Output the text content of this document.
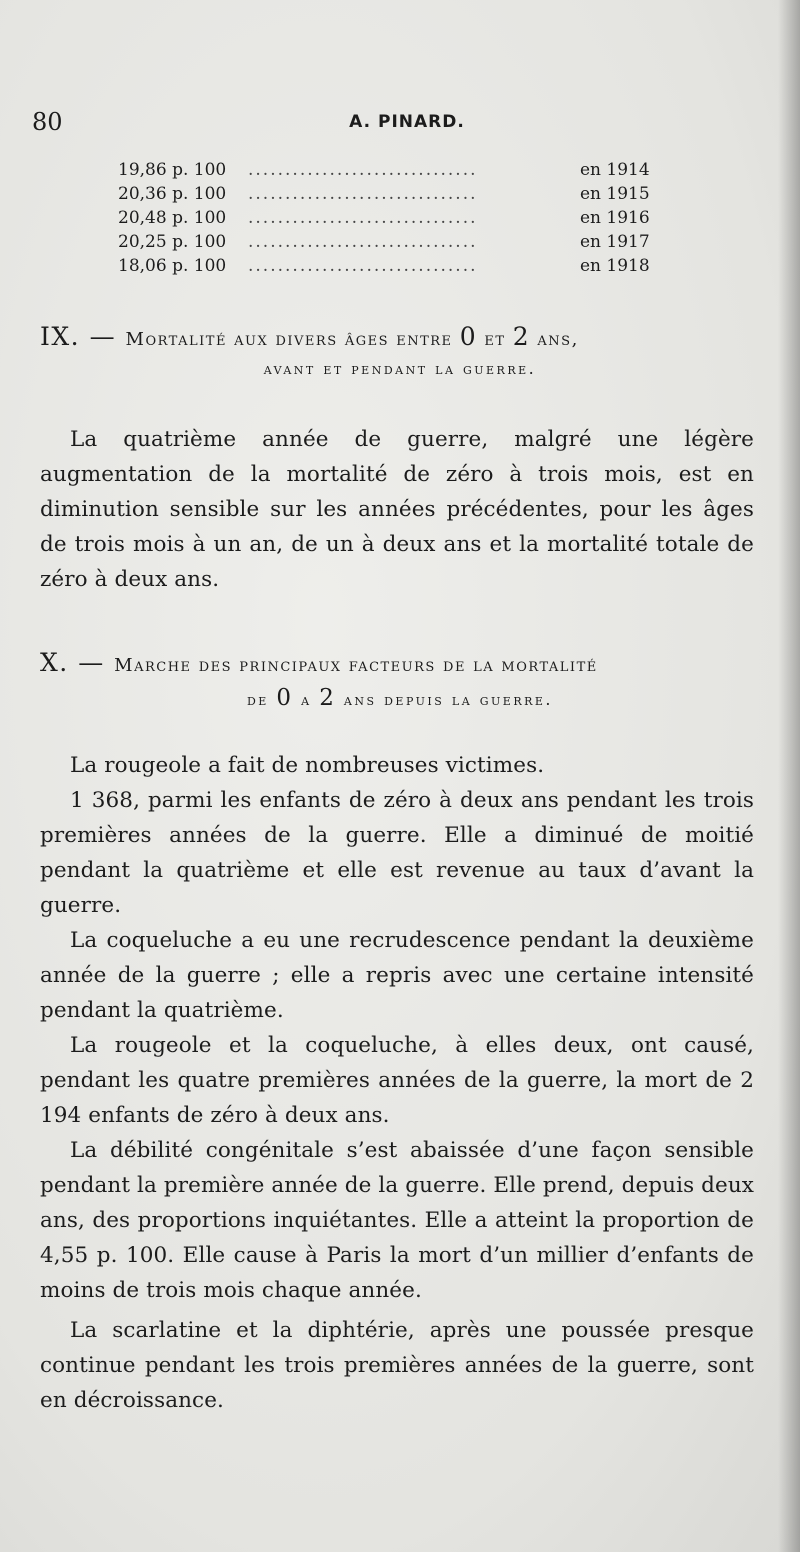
80	A. PINARD.
19,86 p. 100 ...............................	en 1914
20,36 p. 100 ...............................	en 1915
20,48 p. 100 ...............................	en 1916
20,25 p. 100 ...............................	en 1917
18,06 p. 100 ...............................	en 1918
IX. — Mortalité aux divers âges entre 0 et 2 ans,
avant et pendant la guerre.

La quatrième année de guerre, malgré une légère augmentation de la mortalité de zéro à trois mois, est en diminution sensible sur les années précédentes, pour les âges de trois mois à un an, de un à deux ans et la mortalité totale de zéro à deux ans.

X. — Marche des principaux facteurs de la mortalité
de 0 a 2 ans depuis la guerre.

La rougeole a fait de nombreuses victimes.

1 368, parmi les enfants de zéro à deux ans pendant les trois premières années de la guerre. Elle a diminué de moitié pendant la quatrième et elle est revenue au taux d’avant la guerre.

La coqueluche a eu une recrudescence pendant la deuxième année de la guerre ; elle a repris avec une certaine intensité pendant la quatrième.

La rougeole et la coqueluche, à elles deux, ont causé, pendant les quatre premières années de la guerre, la mort de 2 194 enfants de zéro à deux ans.

La débilité congénitale s’est abaissée d’une façon sensible pendant la première année de la guerre. Elle prend, depuis deux ans, des proportions inquiétantes. Elle a atteint la proportion de 4,55 p. 100. Elle cause à Paris la mort d’un millier d’enfants de moins de trois mois chaque année.

La scarlatine et la diphtérie, après une poussée presque continue pendant les trois premières années de la guerre, sont en décroissance.
